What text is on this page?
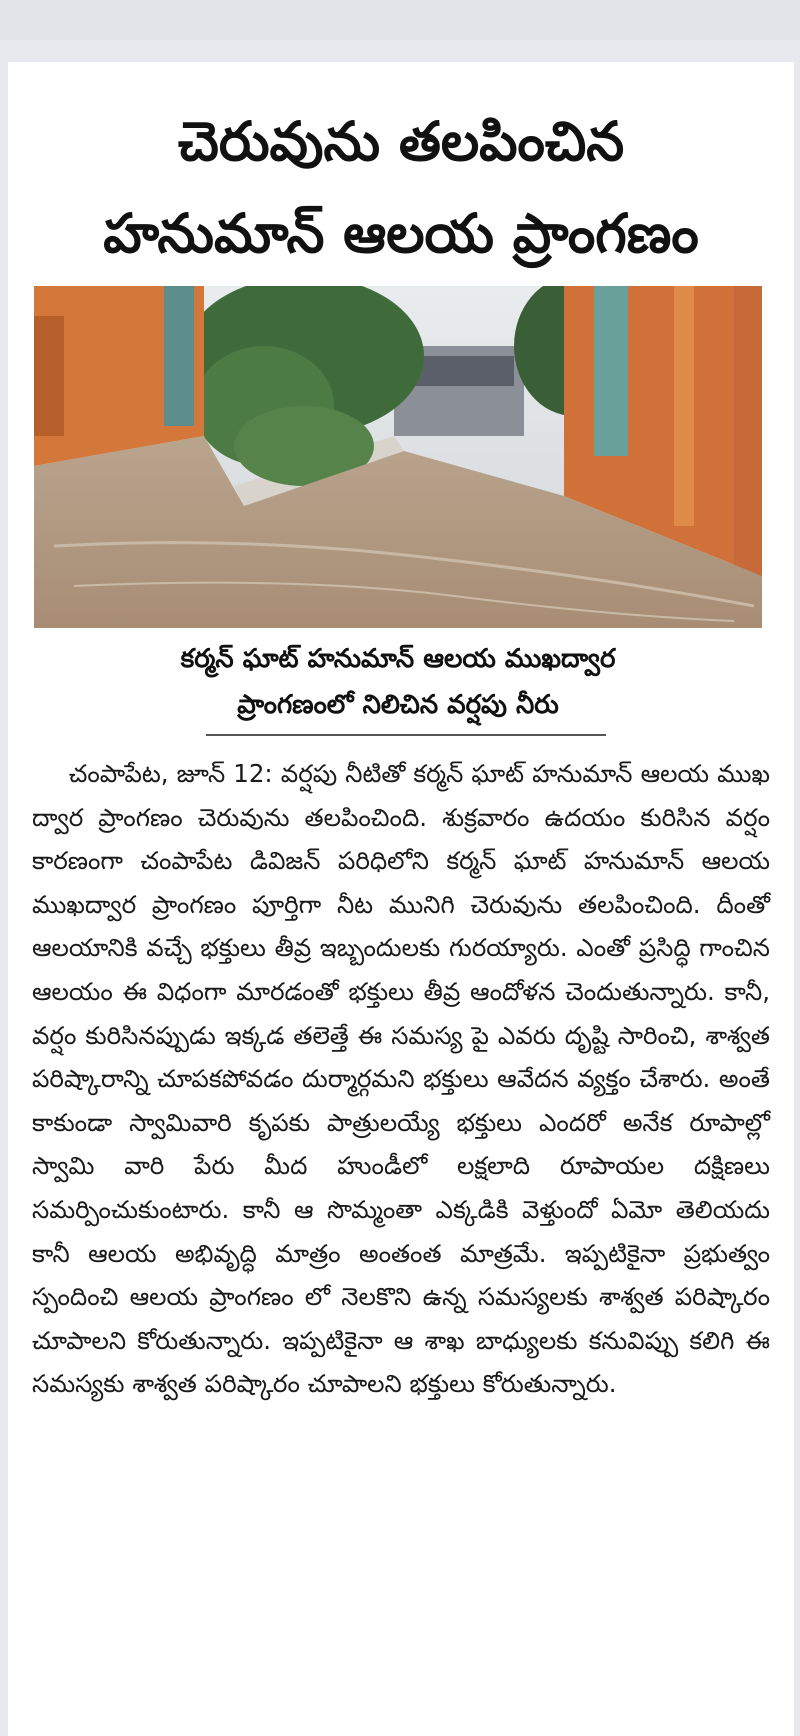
చెరువును తలపించిన
హనుమాన్ ఆలయ ప్రాంగణం
కర్మన్ ఘాట్ హనుమాన్ ఆలయ ముఖద్వార
ప్రాంగణంలో నిలిచిన వర్షపు నీరు

చంపాపేట, జూన్ 12: వర్షపు నీటితో కర్మన్ ఘాట్ హనుమాన్ ఆలయ ముఖ ద్వార ప్రాంగణం చెరువును తలపించింది. శుక్రవారం ఉదయం కురిసిన వర్షం కారణంగా చంపాపేట డివిజన్ పరిధిలోని కర్మన్ ఘాట్ హనుమాన్ ఆలయ ముఖద్వార ప్రాంగణం పూర్తిగా నీట మునిగి చెరువును తలపించింది. దీంతో ఆలయానికి వచ్చే భక్తులు తీవ్ర ఇబ్బందులకు గురయ్యారు. ఎంతో ప్రసిద్ధి గాంచిన ఆలయం ఈ విధంగా మారడంతో భక్తులు తీవ్ర ఆందోళన చెందుతున్నారు. కానీ, వర్షం కురిసినప్పుడు ఇక్కడ తలెత్తే ఈ సమస్య పై ఎవరు దృష్టి సారించి, శాశ్వత పరిష్కారాన్ని చూపకపోవడం దుర్మార్గమని భక్తులు ఆవేదన వ్యక్తం చేశారు. అంతే కాకుండా స్వామివారి కృపకు పాత్రులయ్యే భక్తులు ఎందరో అనేక రూపాల్లో స్వామి వారి పేరు మీద హుండీలో లక్షలాది రూపాయల దక్షిణలు సమర్పించుకుంటారు. కానీ ఆ సొమ్మంతా ఎక్కడికి వెళ్తుందో ఏమో తెలియదు కానీ ఆలయ అభివృద్ధి మాత్రం అంతంత మాత్రమే. ఇప్పటికైనా ప్రభుత్వం స్పందించి ఆలయ ప్రాంగణం లో నెలకొని ఉన్న సమస్యలకు శాశ్వత పరిష్కారం చూపాలని కోరుతున్నారు. ఇప్పటికైనా ఆ శాఖ బాధ్యులకు కనువిప్పు కలిగి ఈ సమస్యకు శాశ్వత పరిష్కారం చూపాలని భక్తులు కోరుతున్నారు.
